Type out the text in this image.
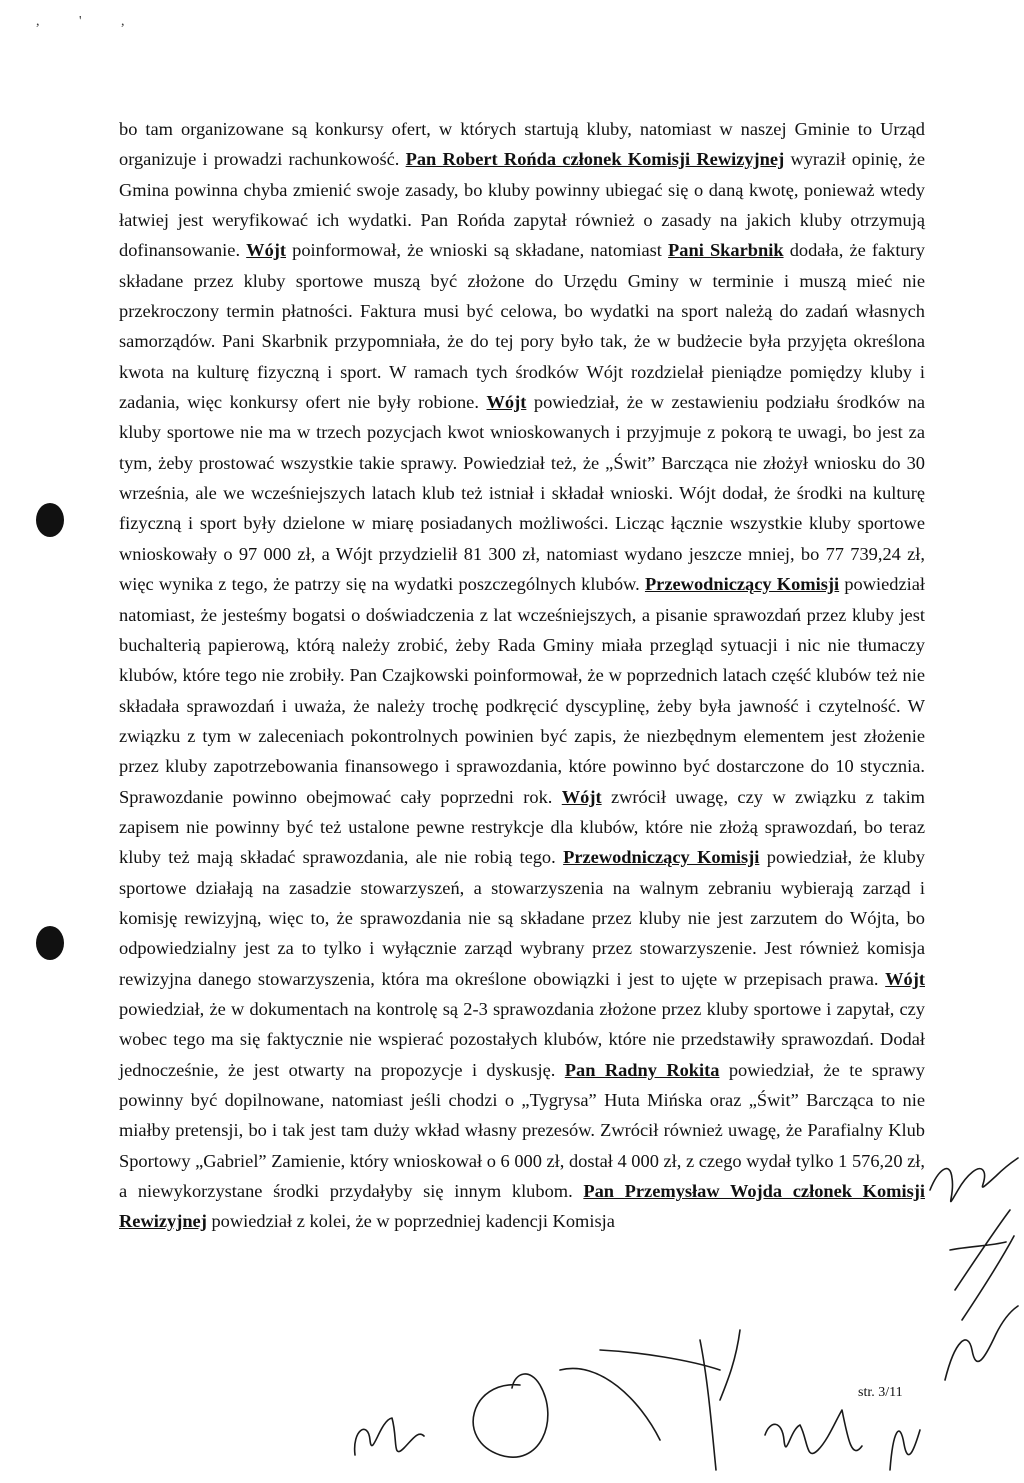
, ' ,

bo tam organizowane są konkursy ofert, w których startują kluby, natomiast w naszej Gminie to Urząd organizuje i prowadzi rachunkowość. Pan Robert Rońda członek Komisji Rewizyjnej wyraził opinię, że Gmina powinna chyba zmienić swoje zasady, bo kluby powinny ubiegać się o daną kwotę, ponieważ wtedy łatwiej jest weryfikować ich wydatki. Pan Rońda zapytał również o zasady na jakich kluby otrzymują dofinansowanie. Wójt poinformował, że wnioski są składane, natomiast Pani Skarbnik dodała, że faktury składane przez kluby sportowe muszą być złożone do Urzędu Gminy w terminie i muszą mieć nie przekroczony termin płatności. Faktura musi być celowa, bo wydatki na sport należą do zadań własnych samorządów. Pani Skarbnik przypomniała, że do tej pory było tak, że w budżecie była przyjęta określona kwota na kulturę fizyczną i sport. W ramach tych środków Wójt rozdzielał pieniądze pomiędzy kluby i zadania, więc konkursy ofert nie były robione. Wójt powiedział, że w zestawieniu podziału środków na kluby sportowe nie ma w trzech pozycjach kwot wnioskowanych i przyjmuje z pokorą te uwagi, bo jest za tym, żeby prostować wszystkie takie sprawy. Powiedział też, że „Świt” Barcząca nie złożył wniosku do 30 września, ale we wcześniejszych latach klub też istniał i składał wnioski. Wójt dodał, że środki na kulturę fizyczną i sport były dzielone w miarę posiadanych możliwości. Licząc łącznie wszystkie kluby sportowe wnioskowały o 97 000 zł, a Wójt przydzielił 81 300 zł, natomiast wydano jeszcze mniej, bo 77 739,24 zł, więc wynika z tego, że patrzy się na wydatki poszczególnych klubów. Przewodniczący Komisji powiedział natomiast, że jesteśmy bogatsi o doświadczenia z lat wcześniejszych, a pisanie sprawozdań przez kluby jest buchalterią papierową, którą należy zrobić, żeby Rada Gminy miała przegląd sytuacji i nic nie tłumaczy klubów, które tego nie zrobiły. Pan Czajkowski poinformował, że w poprzednich latach część klubów też nie składała sprawozdań i uważa, że należy trochę podkręcić dyscyplinę, żeby była jawność i czytelność. W związku z tym w zaleceniach pokontrolnych powinien być zapis, że niezbędnym elementem jest złożenie przez kluby zapotrzebowania finansowego i sprawozdania, które powinno być dostarczone do 10 stycznia. Sprawozdanie powinno obejmować cały poprzedni rok. Wójt zwrócił uwagę, czy w związku z takim zapisem nie powinny być też ustalone pewne restrykcje dla klubów, które nie złożą sprawozdań, bo teraz kluby też mają składać sprawozdania, ale nie robią tego. Przewodniczący Komisji powiedział, że kluby sportowe działają na zasadzie stowarzyszeń, a stowarzyszenia na walnym zebraniu wybierają zarząd i komisję rewizyjną, więc to, że sprawozdania nie są składane przez kluby nie jest zarzutem do Wójta, bo odpowiedzialny jest za to tylko i wyłącznie zarząd wybrany przez stowarzyszenie. Jest również komisja rewizyjna danego stowarzyszenia, która ma określone obowiązki i jest to ujęte w przepisach prawa. Wójt powiedział, że w dokumentach na kontrolę są 2-3 sprawozdania złożone przez kluby sportowe i zapytał, czy wobec tego ma się faktycznie nie wspierać pozostałych klubów, które nie przedstawiły sprawozdań. Dodał jednocześnie, że jest otwarty na propozycje i dyskusję. Pan Radny Rokita powiedział, że te sprawy powinny być dopilnowane, natomiast jeśli chodzi o „Tygrysa” Huta Mińska oraz „Świt” Barcząca to nie miałby pretensji, bo i tak jest tam duży wkład własny prezesów. Zwrócił również uwagę, że Parafialny Klub Sportowy „Gabriel” Zamienie, który wnioskował o 6 000 zł, dostał 4 000 zł, z czego wydał tylko 1 576,20 zł, a niewykorzystane środki przydałyby się innym klubom. Pan Przemysław Wojda członek Komisji Rewizyjnej powiedział z kolei, że w poprzedniej kadencji Komisja

str. 3/11
